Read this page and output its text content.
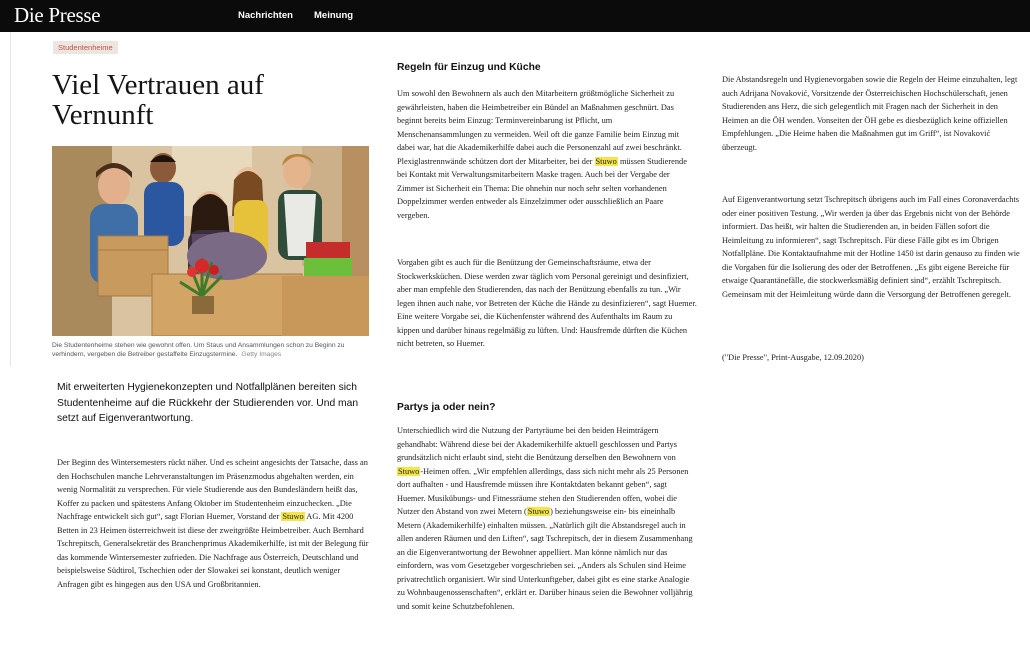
Die Presse	Nachrichten Meinung
Studentenheime
Viel Vertrauen auf Vernunft
Die Studentenheime stehen wie gewohnt offen. Um Staus und Ansammlungen schon zu Beginn zu verhindern, vergeben die Betreiber gestaffelte Einzugstermine. Getty Images

Mit erweiterten Hygienekonzepten und Notfallplänen bereiten sich Studentenheime auf die Rückkehr der Studierenden vor. Und man setzt auf Eigenverantwortung.

Der Beginn des Wintersemesters rückt näher. Und es scheint angesichts der Tatsache, dass an den Hochschulen manche Lehrveranstaltungen im Präsenzmodus abgehalten werden, ein wenig Normalität zu versprechen. Für viele Studierende aus den Bundesländern heißt das, Koffer zu packen und spätestens Anfang Oktober im Studentenheim einzuchecken. „Die Nachfrage entwickelt sich gut“, sagt Florian Huemer, Vorstand der Stuwo AG. Mit 4200 Betten in 23 Heimen österreichweit ist diese der zweitgrößte Heimbetreiber. Auch Bernhard Tschrepitsch, Generalsekretär des Branchenprimus Akademikerhilfe, ist mit der Belegung für das kommende Wintersemester zufrieden. Die Nachfrage aus Österreich, Deutschland und beispielsweise Südtirol, Tschechien oder der Slowakei sei konstant, deutlich weniger Anfragen gibt es hingegen aus den USA und Großbritannien.

Regeln für Einzug und Küche

Um sowohl den Bewohnern als auch den Mitarbeitern größtmögliche Sicherheit zu gewährleisten, haben die Heimbetreiber ein Bündel an Maßnahmen geschnürt. Das beginnt bereits beim Einzug: Terminvereinbarung ist Pflicht, um Menschenansammlungen zu vermeiden. Weil oft die ganze Familie beim Einzug mit dabei war, hat die Akademikerhilfe dabei auch die Personenzahl auf zwei beschränkt. Plexiglastrennwände schützen dort der Mitarbeiter, bei der Stuwo müssen Studierende bei Kontakt mit Verwaltungsmitarbeitern Maske tragen. Auch bei der Vergabe der Zimmer ist Sicherheit ein Thema: Die ohnehin nur noch sehr selten vorhandenen Doppelzimmer werden entweder als Einzelzimmer oder ausschließlich an Paare vergeben.

Vorgaben gibt es auch für die Benützung der Gemeinschaftsräume, etwa der Stockwerksküchen. Diese werden zwar täglich vom Personal gereinigt und desinfiziert, aber man empfehle den Studierenden, das nach der Benützung ebenfalls zu tun. „Wir legen ihnen auch nahe, vor Betreten der Küche die Hände zu desinfizieren“, sagt Huemer. Eine weitere Vorgabe sei, die Küchenfenster während des Aufenthalts im Raum zu kippen und darüber hinaus regelmäßig zu lüften. Und: Hausfremde dürften die Küchen nicht betreten, so Huemer.

Partys ja oder nein?

Unterschiedlich wird die Nutzung der Partyräume bei den beiden Heimträgern gehandhabt: Während diese bei der Akademikerhilfe aktuell geschlossen und Partys grundsätzlich nicht erlaubt sind, steht die Benützung derselben den Bewohnern von Stuwo-Heimen offen. „Wir empfehlen allerdings, dass sich nicht mehr als 25 Personen dort aufhalten - und Hausfremde müssen ihre Kontaktdaten bekannt geben“, sagt Huemer. Musikübungs- und Fitnessräume stehen den Studierenden offen, wobei die Nutzer den Abstand von zwei Metern (Stuwo) beziehungsweise ein- bis eineinhalb Metern (Akademikerhilfe) einhalten müssen. „Natürlich gilt die Abstandsregel auch in allen anderen Räumen und den Liften“, sagt Tschrepitsch, der in diesem Zusammenhang an die Eigenverantwortung der Bewohner appelliert. Man könne nämlich nur das einfordern, was vom Gesetzgeber vorgeschrieben sei. „Anders als Schulen sind Heime privatrechtlich organisiert. Wir sind Unterkunftgeber, dabei gibt es eine starke Analogie zu Wohnbaugenossenschaften“, erklärt er. Darüber hinaus seien die Bewohner volljährig und somit keine Schutzbefohlenen.

Die Abstandsregeln und Hygienevorgaben sowie die Regeln der Heime einzuhalten, legt auch Adrijana Novaković, Vorsitzende der Österreichischen Hochschülerschaft, jenen Studierenden ans Herz, die sich gelegentlich mit Fragen nach der Sicherheit in den Heimen an die ÖH wenden. Vonseiten der ÖH gebe es diesbezüglich keine offiziellen Empfehlungen. „Die Heime haben die Maßnahmen gut im Griff“, ist Novaković überzeugt.

Auf Eigenverantwortung setzt Tschrepitsch übrigens auch im Fall eines Coronaverdachts oder einer positiven Testung. „Wir werden ja über das Ergebnis nicht von der Behörde informiert. Das heißt, wir halten die Studierenden an, in beiden Fällen sofort die Heimleitung zu informieren“, sagt Tschrepitsch. Für diese Fälle gibt es im Übrigen Notfallpläne. Die Kontaktaufnahme mit der Hotline 1450 ist darin genauso zu finden wie die Vorgaben für die Isolierung des oder der Betroffenen. „Es gibt eigene Bereiche für etwaige Quarantänefälle, die stockwerksmäßig definiert sind“, erzählt Tschrepitsch. Gemeinsam mit der Heimleitung würde dann die Versorgung der Betroffenen geregelt.

("Die Presse", Print-Ausgabe, 12.09.2020)
